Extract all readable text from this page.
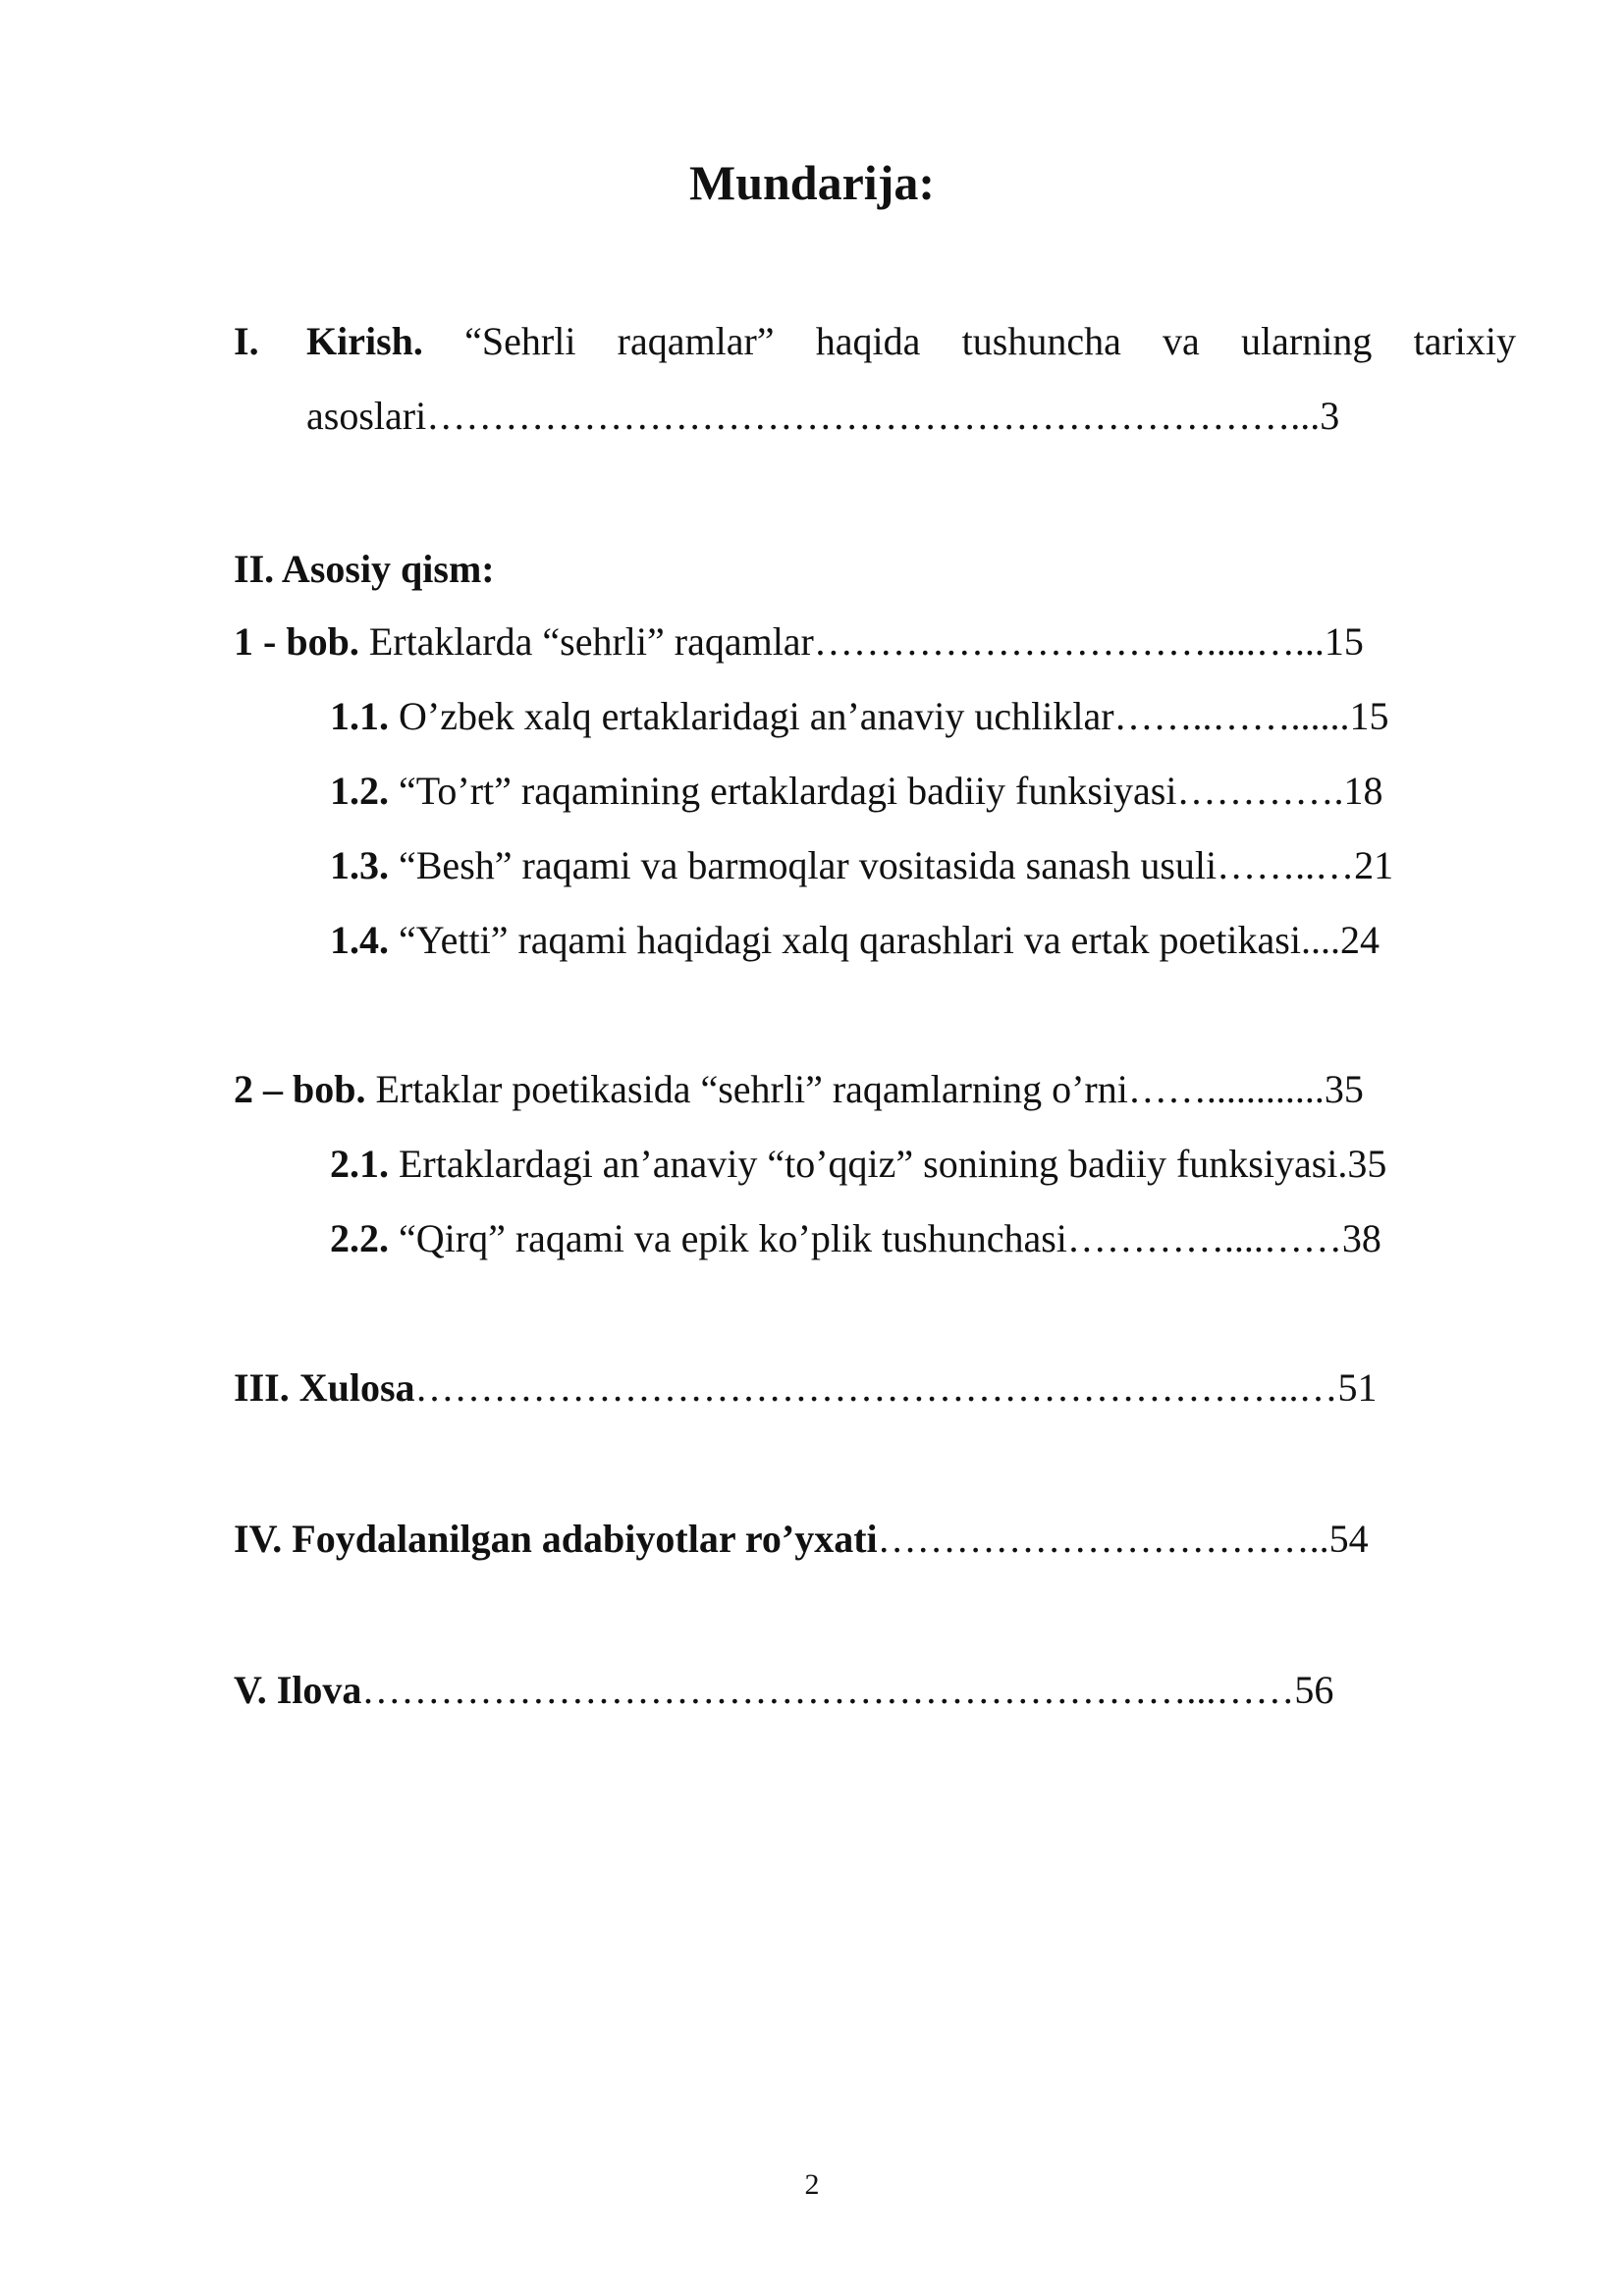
Mundarija:
I. Kirish. “Sehrli raqamlar” haqida tushuncha va ularning tarixiy
asoslari…………………………………………………………...3
II. Asosiy qism:
1 - bob. Ertaklarda “sehrli” raqamlar………………………….....…...15
1.1. O’zbek xalq ertaklaridagi an’anaviy uchliklar……..……......15
1.2. “To’rt” raqamining ertaklardagi badiiy funksiyasi………….18
1.3. “Besh” raqami va barmoqlar vositasida sanash usuli……..…21
1.4. “Yetti” raqami haqidagi xalq qarashlari va ertak poetikasi....24
2 – bob. Ertaklar poetikasida “sehrli” raqamlarning o’rni……............35
2.1. Ertaklardagi an’anaviy “to’qqiz” sonining badiiy funksiyasi.35
2.2. “Qirq” raqami va epik ko’plik tushunchasi…………....……38
III. Xulosa…………………………………………………………..…51
IV. Foydalanilgan adabiyotlar ro’yxati……………………………..54
V. Ilova………………………………………………………...……56
2
